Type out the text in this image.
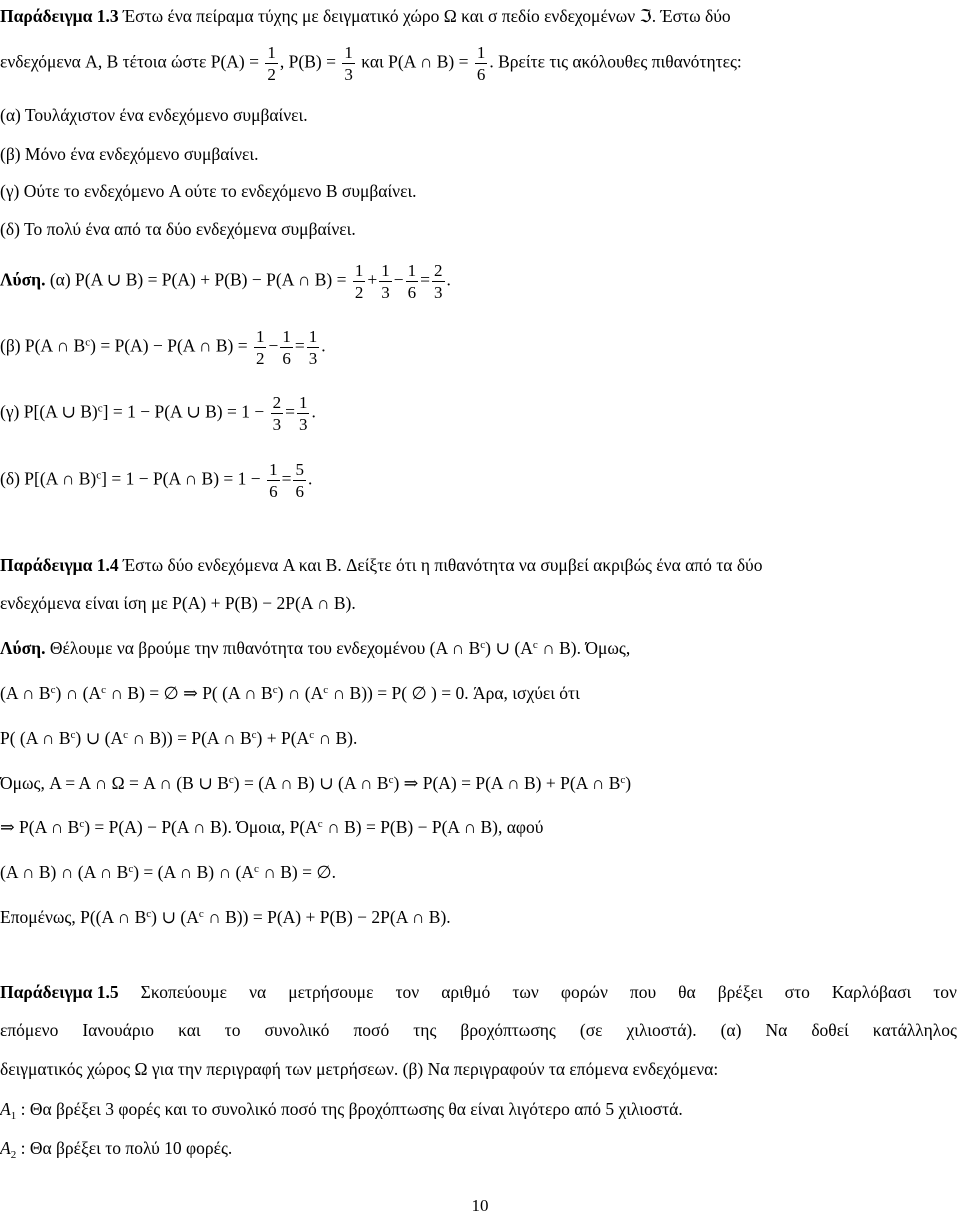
Παράδειγμα 1.3 Έστω ένα πείραμα τύχης με δειγματικό χώρο Ω και σ πεδίο ενδεχομένων ℑ. Έστω δύο
ενδεχόμενα A, B τέτοια ώστε $P(A) = \frac{1}{2}$ , $P(B) = \frac{1}{3}$ και P(A ∩ $B) = \frac{1}{6}$ . Βρείτε τις ακόλουθες πιθανότητες:
(α) Τουλάχιστον ένα ενδεχόμενο συμβαίνει.
(β) Μόνο ένα ενδεχόμενο συμβαίνει.
(γ) Ούτε το ενδεχόμενο A ούτε το ενδεχόμενο B συμβαίνει.
(δ) Το πολύ ένα από τα δύο ενδεχόμενα συμβαίνει.
Λύση. (α) P(A ∪ B) = P(A) + P(B) − P(A ∩ $B) = \frac{1}{2} + \frac{1}{3} - \frac{1}{6} = \frac{2}{3}$ .
(β) P(A ∩ $B^c) = P(A) - P(A$ ∩ $B) = \frac{1}{2} - \frac{1}{6} = \frac{1}{3}$ .
(γ) P[(A ∪ B)$^c$] = 1 − P(A ∪ $B) = 1 - \frac{2}{3} = \frac{1}{3}$ .
(δ) P[(A ∩ B)$^c$] = 1 − P(A ∩ $B) = 1 - \frac{1}{6} = \frac{5}{6}$ .
Παράδειγμα 1.4 Έστω δύο ενδεχόμενα A και B. Δείξτε ότι η πιθανότητα να συμβεί ακριβώς ένα από τα δύο
ενδεχόμενα είναι ίση με P(A) + P(B) − 2P(A ∩ B).
Λύση. Θέλουμε να βρούμε την πιθανότητα του ενδεχομένου (A ∩ $B^c$) ∪ ($A^c$ ∩ B). Όμως,
(A ∩ $B^c$) ∩ ($A^c$ ∩ B) = ∅ ⇒ P( (A ∩ $B^c$) ∩ ($A^c$ ∩ B)) = P( ∅ ) = 0. Άρα, ισχύει ότι
P( (A ∩ $B^c$) ∪ ($A^c$ ∩ B)) = P(A ∩ $B^c) + P(A^c$ ∩ B).
Όμως, A = A ∩ Ω = A ∩ (B ∪ $B^c) = (A$ ∩ B) ∪ (A ∩ $B^c$) ⇒ P(A) = P(A ∩ B) + P(A ∩ $B^c$)
⇒ P(A ∩ $B^c) = P(A) - P(A$ ∩ B). Όμοια, $P(A^c$ ∩ B) = P(B) − P(A ∩ B), αφού
(A ∩ B) ∩ (A ∩ $B^c) = (A$ ∩ B) ∩ ($A^c$ ∩ B) = ∅.
Επομένως, P((A ∩ $B^c$) ∪ ($A^c$ ∩ B)) = P(A) + P(B) − 2P(A ∩ B).
Παράδειγμα 1.5 Σκοπεύουμε να μετρήσουμε τον αριθμό των φορών που θα βρέξει στο Καρλόβασι τον
επόμενο Ιανουάριο και το συνολικό ποσό της βροχόπτωσης (σε χιλιοστά). (α) Να δοθεί κατάλληλος
δειγματικός χώρος Ω για την περιγραφή των μετρήσεων. (β) Να περιγραφούν τα επόμενα ενδεχόμενα:
$A_1$ : Θα βρέξει 3 φορές και το συνολικό ποσό της βροχόπτωσης θα είναι λιγότερο από 5 χιλιοστά.
$A_2$ : Θα βρέξει το πολύ 10 φορές.
10
